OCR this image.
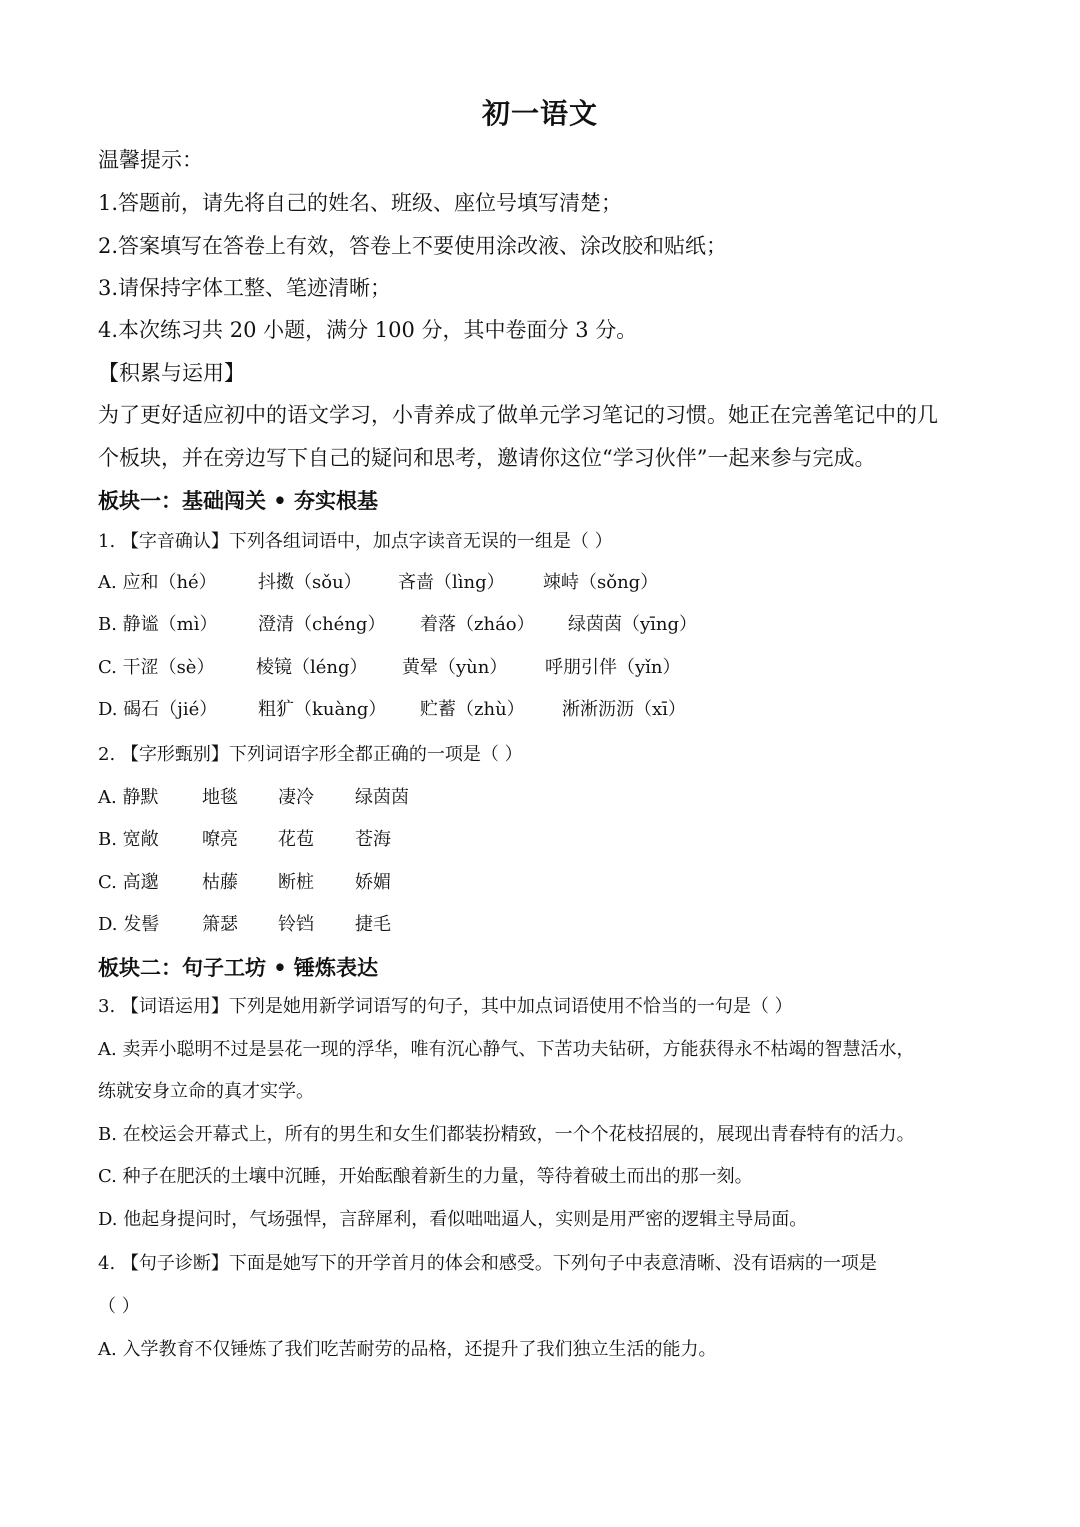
初一语文
温馨提示：
1.答题前，请先将自己的姓名、班级、座位号填写清楚；
2.答案填写在答卷上有效，答卷上不要使用涂改液、涂改胶和贴纸；
3.请保持字体工整、笔迹清晰；
4.本次练习共 20 小题，满分 100 分，其中卷面分 3 分。
【积累与运用】
为了更好适应初中的语文学习，小青养成了做单元学习笔记的习惯。她正在完善笔记中的几
个板块，并在旁边写下自己的疑问和思考，邀请你这位“学习伙伴”一起来参与完成。
板块一：基础闯关 • 夯实根基
1. 【字音确认】下列各组词语中，加点字读音无误的一组是（ ）
A. 应和（hé） 抖擞（sǒu） 吝啬（lìng） 竦峙（sǒng）
B. 静谧（mì） 澄清（chéng） 着落（zháo） 绿茵茵（yīng）
C. 干涩（sè） 棱镜（léng） 黄晕（yùn） 呼朋引伴（yǐn）
D. 碣石（jié） 粗犷（kuàng） 贮蓄（zhù） 淅淅沥沥（xī）
2. 【字形甄别】下列词语字形全都正确的一项是（ ）
A. 静默 地毯 凄冷 绿茵茵
B. 宽敞 嘹亮 花苞 苍海
C. 高邈 枯藤 断桩 娇媚
D. 发髻 箫瑟 铃铛 捷毛
板块二：句子工坊 • 锤炼表达
3. 【词语运用】下列是她用新学词语写的句子，其中加点词语使用不恰当的一句是（ ）
A. 卖弄小聪明不过是昙花一现的浮华，唯有沉心静气、下苦功夫钻研，方能获得永不枯竭的智慧活水，
练就安身立命的真才实学。
B. 在校运会开幕式上，所有的男生和女生们都装扮精致，一个个花枝招展的，展现出青春特有的活力。
C. 种子在肥沃的土壤中沉睡，开始酝酿着新生的力量，等待着破土而出的那一刻。
D. 他起身提问时，气场强悍，言辞犀利，看似咄咄逼人，实则是用严密的逻辑主导局面。
4. 【句子诊断】下面是她写下的开学首月的体会和感受。下列句子中表意清晰、没有语病的一项是
（ ）
A. 入学教育不仅锤炼了我们吃苦耐劳的品格，还提升了我们独立生活的能力。
